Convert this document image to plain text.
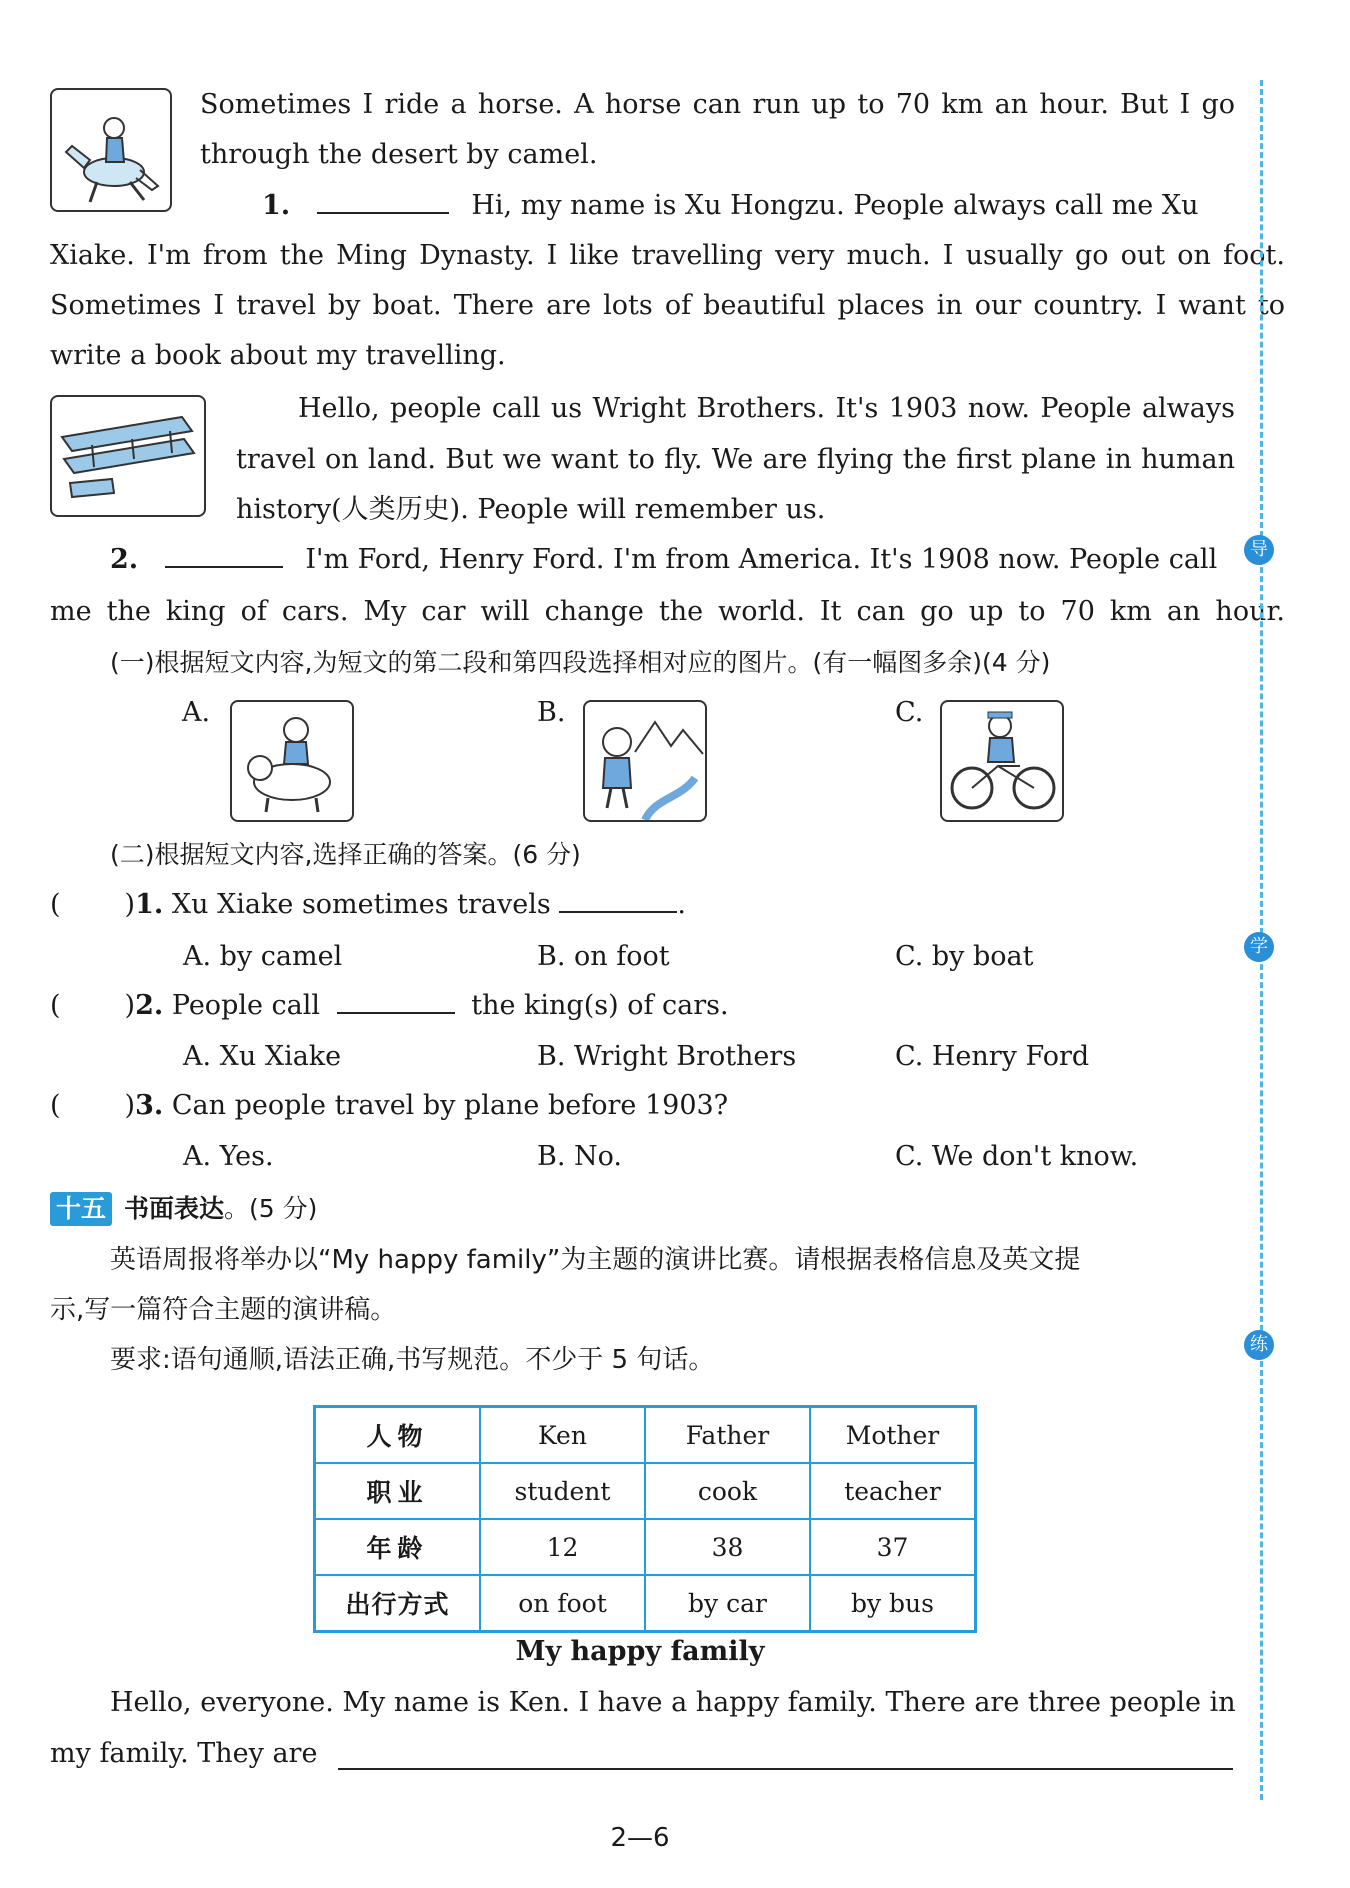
Sometimes I ride a horse. A horse can run up to 70 km an hour. But I go
through the desert by camel.
1.	Hi, my name is Xu Hongzu. People always call me Xu
Xiake. I'm from the Ming Dynasty. I like travelling very much. I usually go out on foot.
Sometimes I travel by boat. There are lots of beautiful places in our country. I want to
write a book about my travelling.
Hello, people call us Wright Brothers. It's 1903 now. People always
travel on land. But we want to fly. We are flying the first plane in human
history(人类历史). People will remember us.
2.	I'm Ford, Henry Ford. I'm from America. It's 1908 now. People call
me the king of cars. My car will change the world. It can go up to 70 km an hour.
(一)根据短文内容,为短文的第二段和第四段选择相对应的图片。(有一幅图多余)(4 分)
A.	B.	C.
(二)根据短文内容,选择正确的答案。(6 分)
( )1. Xu Xiake sometimes travels	.
A. by camel	B. on foot	C. by boat
( )2. People call	the king(s) of cars.
A. Xu Xiake	B. Wright Brothers	C. Henry Ford
( )3. Can people travel by plane before 1903?
A. Yes.	B. No.	C. We don't know.
十五 书面表达。(5 分)
英语周报将举办以“My happy family”为主题的演讲比赛。请根据表格信息及英文提
示,写一篇符合主题的演讲稿。
要求:语句通顺,语法正确,书写规范。不少于 5 句话。
人物	Ken	Father	Mother
职业	student	cook	teacher
年龄	12	38	37
出行方式	on foot	by car	by bus
My happy family
Hello, everyone. My name is Ken. I have a happy family. There are three people in
my family. They are
导
学
练
2—6
